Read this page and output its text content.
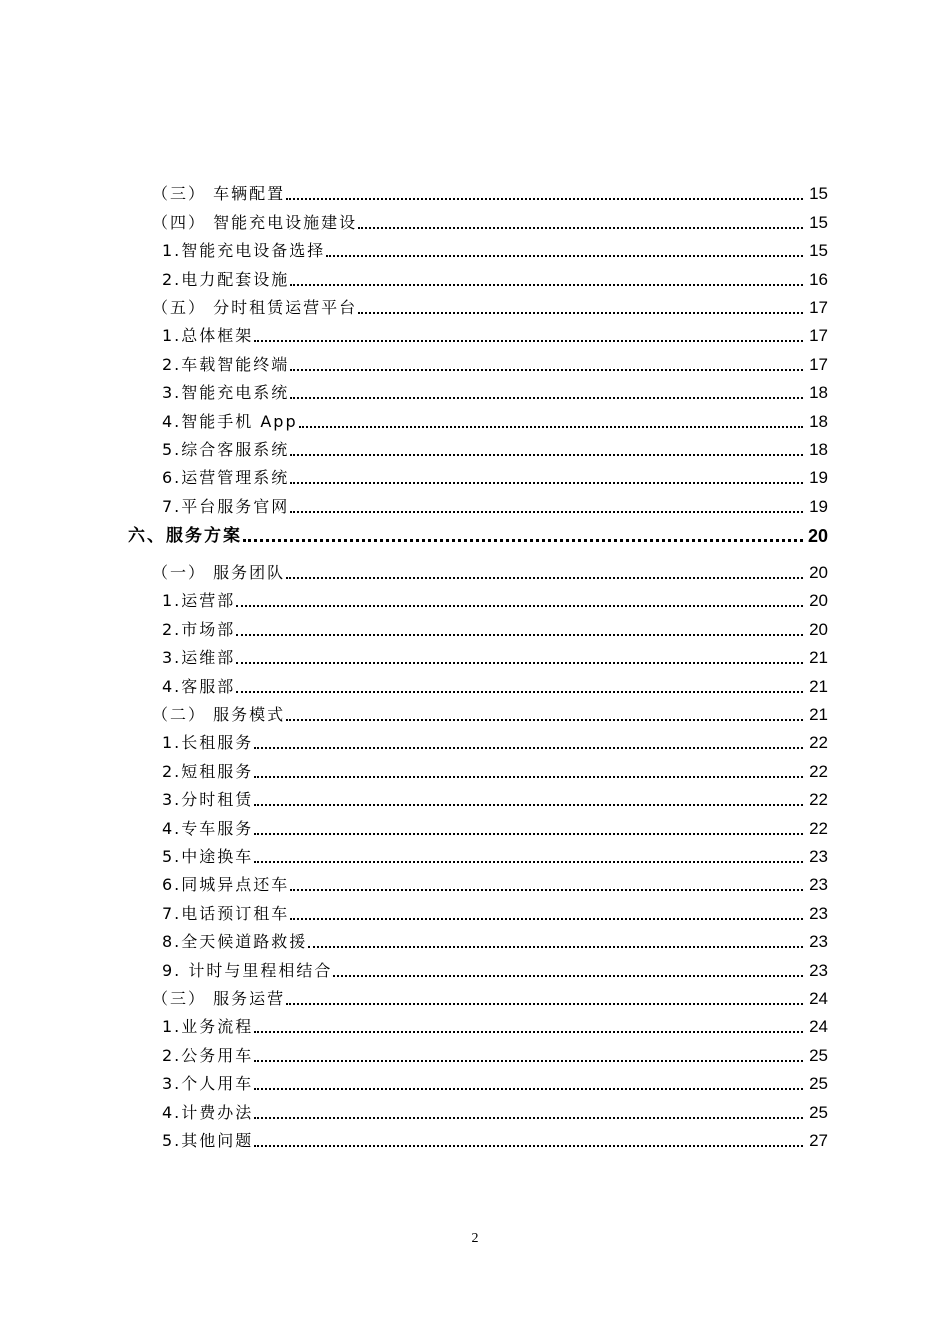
（三） 车辆配置	15
（四） 智能充电设施建设	15
1.智能充电设备选择	15
2.电力配套设施	16
（五） 分时租赁运营平台	17
1.总体框架	17
2.车载智能终端	17
3.智能充电系统	18
4.智能手机 App	18
5.综合客服系统	18
6.运营管理系统	19
7.平台服务官网	19
六、服务方案	20
（一） 服务团队	20
1.运营部	20
2.市场部	20
3.运维部	21
4.客服部	21
（二） 服务模式	21
1.长租服务	22
2.短租服务	22
3.分时租赁	22
4.专车服务	22
5.中途换车	23
6.同城异点还车	23
7.电话预订租车	23
8.全天候道路救援	23
9. 计时与里程相结合	23
（三） 服务运营	24
1.业务流程	24
2.公务用车	25
3.个人用车	25
4.计费办法	25
5.其他问题	27
2
